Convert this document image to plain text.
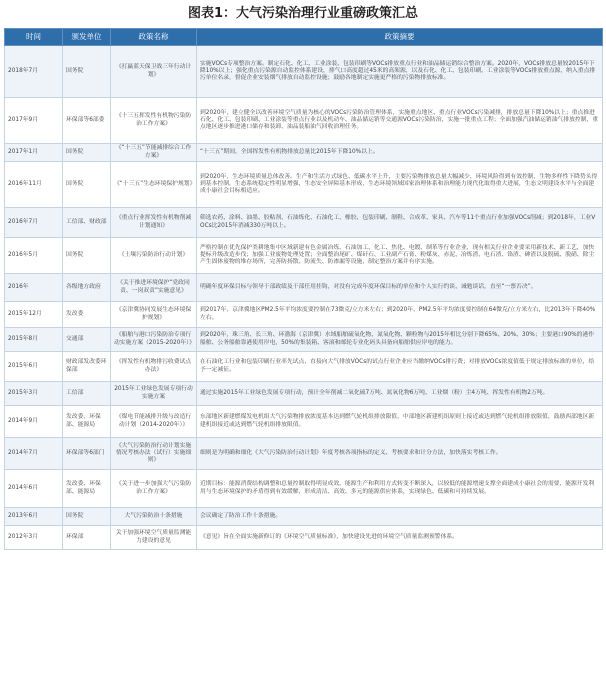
图表1：大气污染治理行业重磅政策汇总
时间	颁发单位	政策名称	政策摘要
2018年7月	国务院	《打赢蓝天保卫战三年行动计划》	实施VOCs专项整治方案。制定石化、化工、工业涂装、包装印刷等VOCs排放重点行业和油品储运销综合整治方案。2020年，VOCs排放总量较2015年下降10%以上；强化重点污染源自动监控体系建设，排气口高度超过45米的高架源，以及石化、化工、包装印刷、工业涂装等VOCs排放重点源，纳入重点排污单位名录，督促企业安装烟气排放自动监控设施；鼓励各地制定实施更严格的污染物排放标准。
2017年9月	环保部等6部委	《十三五挥发性有机物污染防治工作方案》	到2020年，建立健全以改善环境空气质量为核心的VOCs污染防治管理体系，实施重点地区、重点行业VOCs污染减排，排放总量下降10%以上；重点推进石化、化工、包装印刷、工业涂装等重点行业以及机动车、油品储运销等交通源VOCs污染防治，实施一批重点工程；全面加强汽油储运销油气排放控制，重点地区逐步推进港口储存和装卸、油品装船油气回收治理任务。
2017年1月	国务院	《“十三五”节能减排综合工作方案》	“十三五”期间，全国挥发性有机物排放总量比2015年下降10%以上。
2016年11月	国务院	《“十三五”生态环境保护规划》	到2020年，生态环境质量总体改善。生产和生活方式绿色、低碳水平上升，主要污染物排放总量大幅减少，环境风险得到有效控制，生物多样性下降势头得到基本控制，生态系统稳定性明显增强，生态安全屏障基本形成，生态环境领域国家治理体系和治理能力现代化取得重大进展，生态文明建设水平与全面建成小康社会目标相适应。
2016年7月	工信部、财政部	《重点行业挥发性有机物削减计划通知》	筛选农药、涂料、油墨、胶粘剂、石油炼化、石油化工、橡胶、包装印刷、制鞋、合成革、家具、汽车等11个重点行业加强VOCs削减；到2018年，工业VOCs比2015年消减330万吨以上。
2016年5月	国务院	《土壤污染防治行动计划》	严格控制在优先保护类耕地集中区域新建有色金属冶炼、石油加工、化工、焦化、电镀、制革等行业企业，现有相关行业企业要采用新技术、新工艺，加快提标升级改造步伐；加强工业废物处理处置；全面整治尾矿、煤矸石、工业副产石膏、粉煤灰、赤泥、冶炼渣、电石渣、铬渣、砷渣以及脱硫、脱硝、除尘产生固体废物的堆存场所，完善防扬散、防流失、防渗漏等设施，制定整治方案并有序实施。
2016年	各级地方政府	《关于推进环境保护“党政同责、一岗双责”实施意见》	明确年度环保目标与领导干部政绩及干部任用挂钩，对没有完成年度环保目标的单位和个人实行约谈、诫勉谈话，直至“一票否决”。
2015年12月	发改委	《京津冀协同发展生态环境保护规划》	到2017年，京津冀地区PM2.5年平均浓度要控制在73微克/立方米左右；到2020年，PM2.5年平均浓度要控制在64微克/立方米左右，比2013年下降40%左右。
2015年8月	交通部	《船舶与港口污染防治专项行动实施方案（2015-2020年）》	到2020年，珠三角、长三角、环渤海（京津冀）水域船舶硫氧化物、氮氧化物、颗粒物与2015年相比分别下降65%、20%、30%；主要港口90%的港作船舶、公务船舶靠港使用岸电，50%的集装箱、客滚和邮轮专业化码头具备向船舶供应岸电的能力。
2015年6月	财政部发改委环保部	《挥发性有机物排污收费试点办法》	在石油化工行业和包装印刷行业率先试点，直接向大气排放VOCs的试点行业企业应当缴纳VOCs排污费；对排放VOCs浓度值低于规定排放标准的单位，给予一定减征。
2015年3月	工信部	2015年工业绿色发展专项行动实施方案	通过实施2015年工业绿色发展专项行动，预计全年削减二氧化硫7万吨、氮氧化物6万吨、工业烟（粉）尘4万吨、挥发性有机物2万吨。
2014年9月	发改委、环保部、能源局	《煤电节能减排升级与改造行动计划（2014-2020年）》	东部地区新建燃煤发电机组大气污染物排放浓度基本达到燃气轮机组排放限值，中部地区新建机组原则上接近或达到燃气轮机组排放限值，鼓励西部地区新建机组接近或达到燃气轮机组排放限值。
2014年7月	环保部等6部门	《大气污染防治行动计划实施情况考核办法（试行）实施细则》	细则是为明确和细化《大气污染防治行动计划》年度考核各项指标的定义、考核要求和计分方法，加快落实考核工作。
2014年6月	发改委、环保部、能源局	《关于进一步加强大气污染防治工作方案》	近期目标：能源消费结构调整和总量控制取得明显成效，能源生产和利用方式转变不断深入，以较低的能源增速支撑全面建成小康社会的需要，能源开发利用与生态环境保护的矛盾得到有效缓解，形成清洁、高效、多元的能源供应体系，实现绿色、低碳和可持续发展。
2013年6月	国务院	大气污染防治十条措施	会议确定了防治工作十条措施。
2012年3月	环保部	关于加强环境空气质量监测能力建设的意见	《意见》旨在全面实施新修订的《环境空气质量标准》，加快建设先进的环境空气质量监测预警体系。
